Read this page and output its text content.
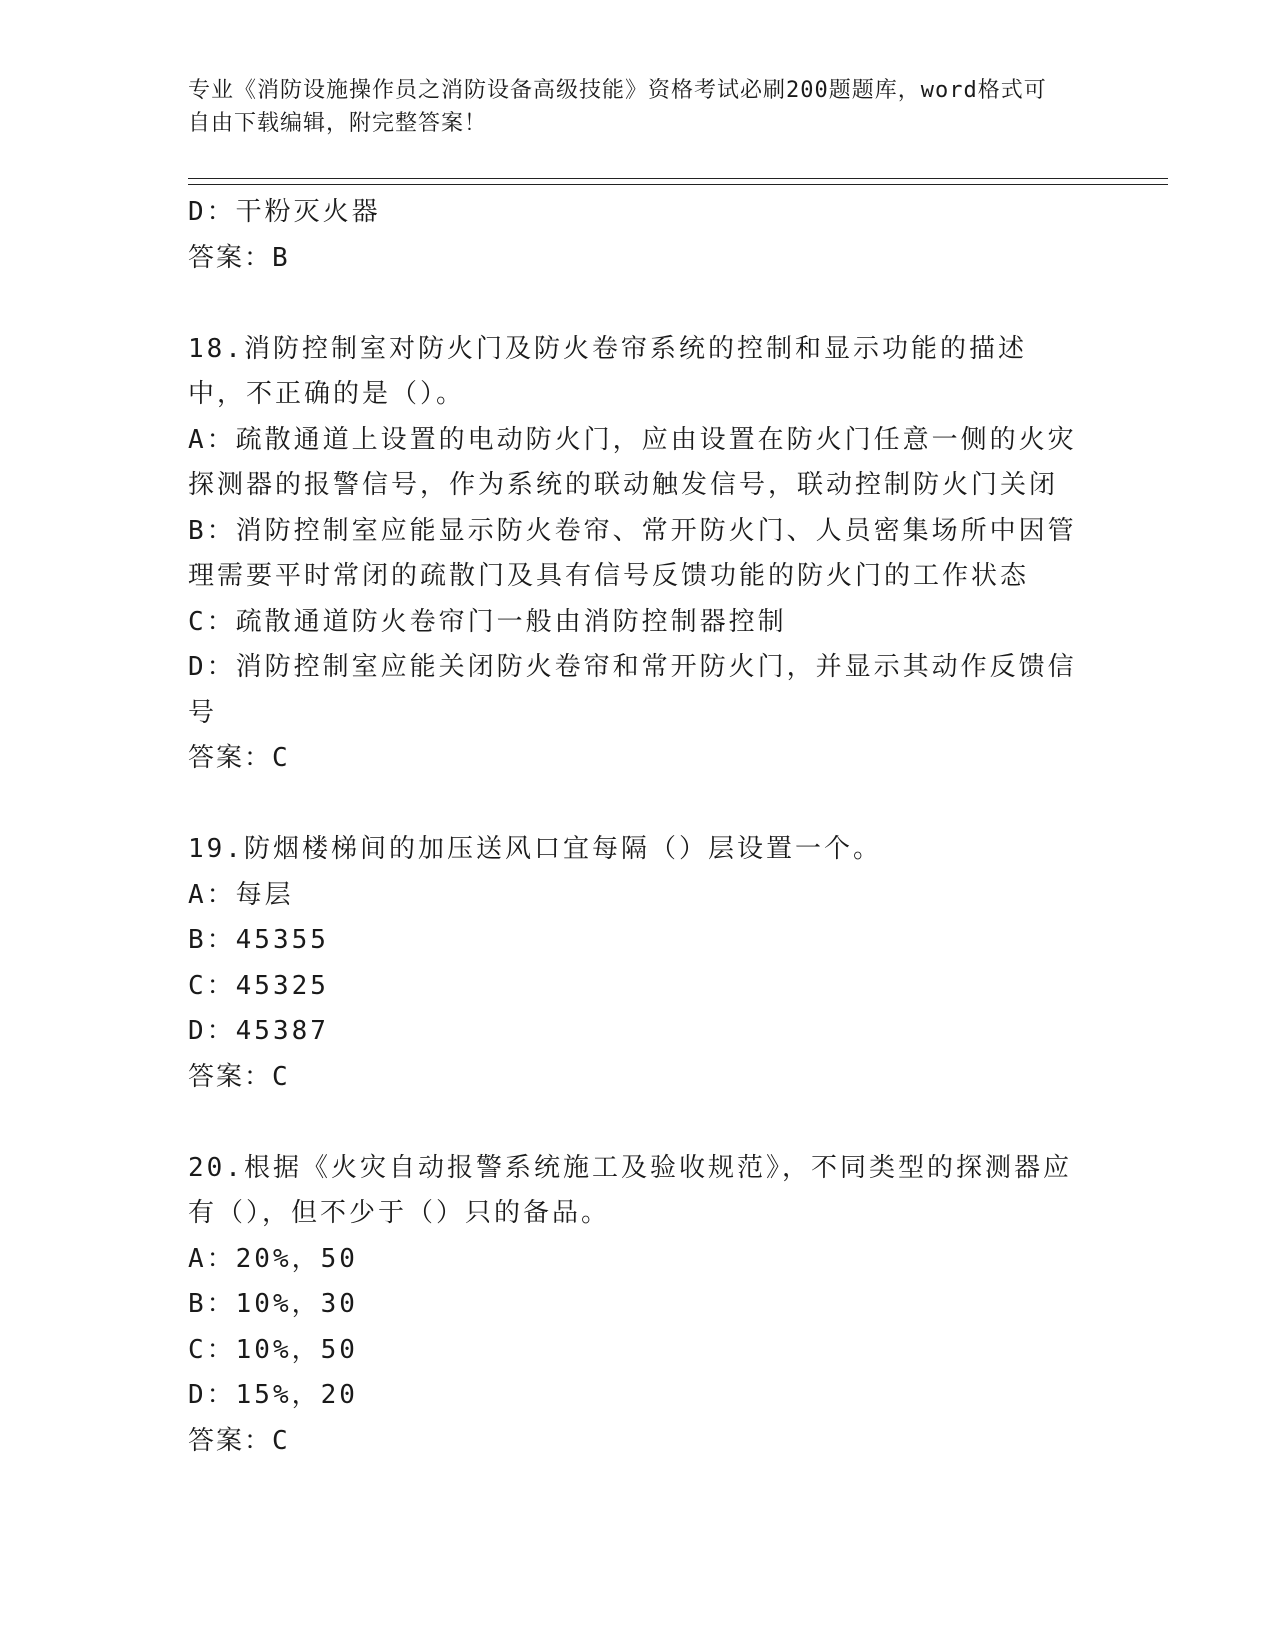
专业《消防设施操作员之消防设备高级技能》资格考试必刷200题题库，word格式可自由下载编辑，附完整答案！

D：干粉灭火器

答案：B

18.消防控制室对防火门及防火卷帘系统的控制和显示功能的描述中，不正确的是（）。

A：疏散通道上设置的电动防火门，应由设置在防火门任意一侧的火灾探测器的报警信号，作为系统的联动触发信号，联动控制防火门关闭

B：消防控制室应能显示防火卷帘、常开防火门、人员密集场所中因管理需要平时常闭的疏散门及具有信号反馈功能的防火门的工作状态

C：疏散通道防火卷帘门一般由消防控制器控制

D：消防控制室应能关闭防火卷帘和常开防火门，并显示其动作反馈信号

答案：C

19.防烟楼梯间的加压送风口宜每隔（）层设置一个。

A：每层

B：45355

C：45325

D：45387

答案：C

20.根据《火灾自动报警系统施工及验收规范》，不同类型的探测器应有（），但不少于（）只的备品。

A：20%，50

B：10%，30

C：10%，50

D：15%，20

答案：C
